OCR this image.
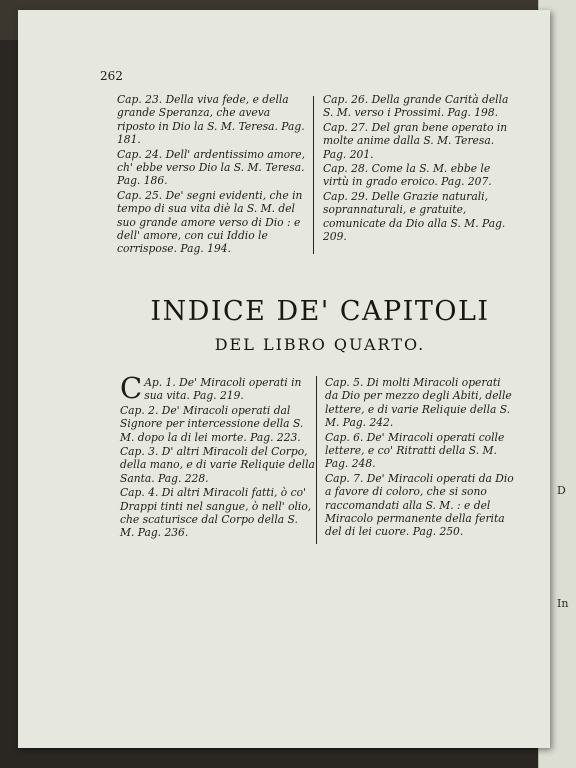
D
In
262

Cap. 23. Della viva fede, e della grande Speranza, che aveva riposto in Dio la S. M. Teresa. Pag. 181.

Cap. 24. Dell' ardentissimo amore, ch' ebbe verso Dio la S. M. Teresa. Pag. 186.

Cap. 25. De' segni evidenti, che in tempo di sua vita diè la S. M. del suo grande amore verso di Dio : e dell' amore, con cui Iddio le corrispose. Pag. 194.

Cap. 26. Della grande Carità della S. M. verso i Prossimi. Pag. 198.

Cap. 27. Del gran bene operato in molte anime dalla S. M. Teresa. Pag. 201.

Cap. 28. Come la S. M. ebbe le virtù in grado eroico. Pag. 207.

Cap. 29. Delle Grazie naturali, soprannaturali, e gratuite, comunicate da Dio alla S. M. Pag. 209.

INDICE DE' CAPITOLI
DEL LIBRO QUARTO.

C Ap. 1. De' Miracoli operati in sua vita. Pag. 219.

Cap. 2. De' Miracoli operati dal Signore per intercessione della S. M. dopo la di lei morte. Pag. 223.

Cap. 3. D' altri Miracoli del Corpo, della mano, e di varie Reliquie della Santa. Pag. 228.

Cap. 4. Di altri Miracoli fatti, ò co' Drappi tinti nel sangue, ò nell' olio, che scaturisce dal Corpo della S. M. Pag. 236.

Cap. 5. Di molti Miracoli operati da Dio per mezzo degli Abiti, delle lettere, e di varie Reliquie della S. M. Pag. 242.

Cap. 6. De' Miracoli operati colle lettere, e co' Ritratti della S. M. Pag. 248.

Cap. 7. De' Miracoli operati da Dio a favore di coloro, che si sono raccomandati alla S. M. : e del Miracolo permanente della ferita del di lei cuore. Pag. 250.
